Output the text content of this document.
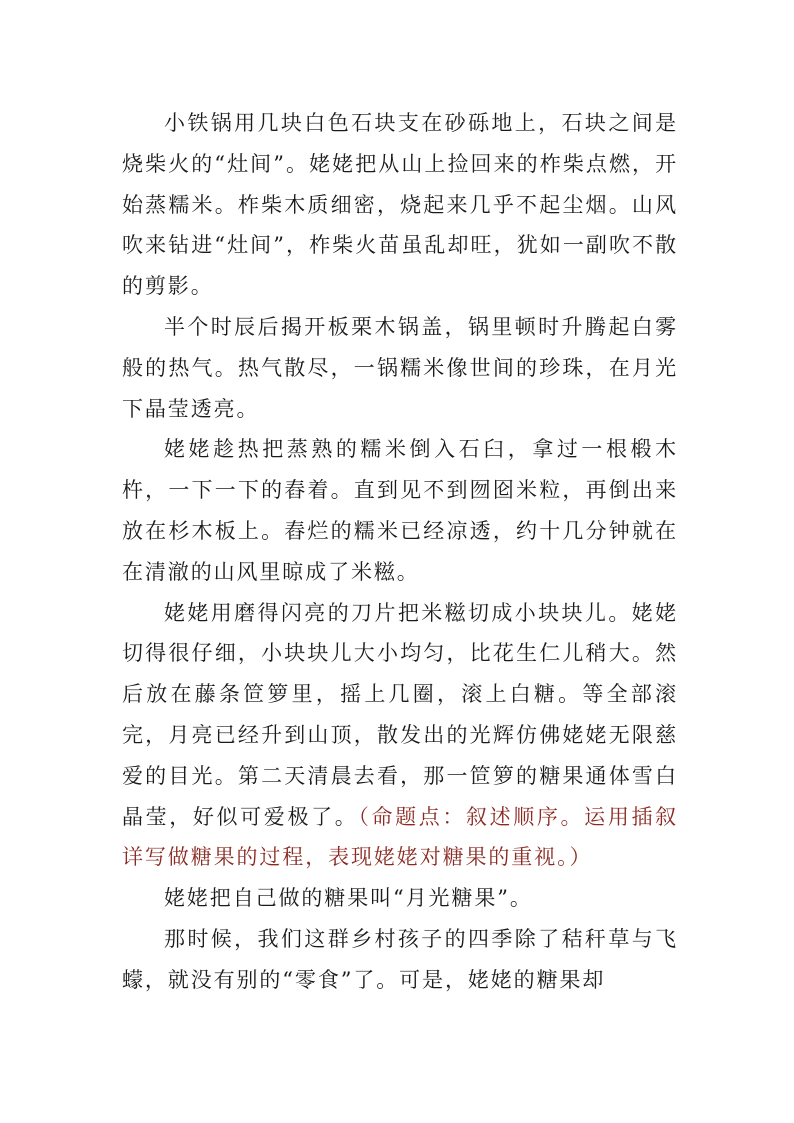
小铁锅用几块白色石块支在砂砾地上，石块之间是烧柴火的“灶间”。姥姥把从山上捡回来的柞柴点燃，开始蒸糯米。柞柴木质细密，烧起来几乎不起尘烟。山风吹来钻进“灶间”，柞柴火苗虽乱却旺，犹如一副吹不散的剪影。

半个时辰后揭开板栗木锅盖，锅里顿时升腾起白雾般的热气。热气散尽，一锅糯米像世间的珍珠，在月光下晶莹透亮。

姥姥趁热把蒸熟的糯米倒入石臼，拿过一根椴木杵，一下一下的舂着。直到见不到囫囵米粒，再倒出来放在杉木板上。舂烂的糯米已经凉透，约十几分钟就在在清澈的山风里晾成了米糍。

姥姥用磨得闪亮的刀片把米糍切成小块块儿。姥姥切得很仔细，小块块儿大小均匀，比花生仁儿稍大。然后放在藤条笸箩里，摇上几圈，滚上白糖。等全部滚完，月亮已经升到山顶，散发出的光辉仿佛姥姥无限慈爱的目光。第二天清晨去看，那一笸箩的糖果通体雪白晶莹，好似可爱极了。（命题点：叙述顺序。运用插叙详写做糖果的过程，表现姥姥对糖果的重视。）

姥姥把自己做的糖果叫“月光糖果”。

那时候，我们这群乡村孩子的四季除了秸秆草与飞蠓，就没有别的“零食”了。可是，姥姥的糖果却
